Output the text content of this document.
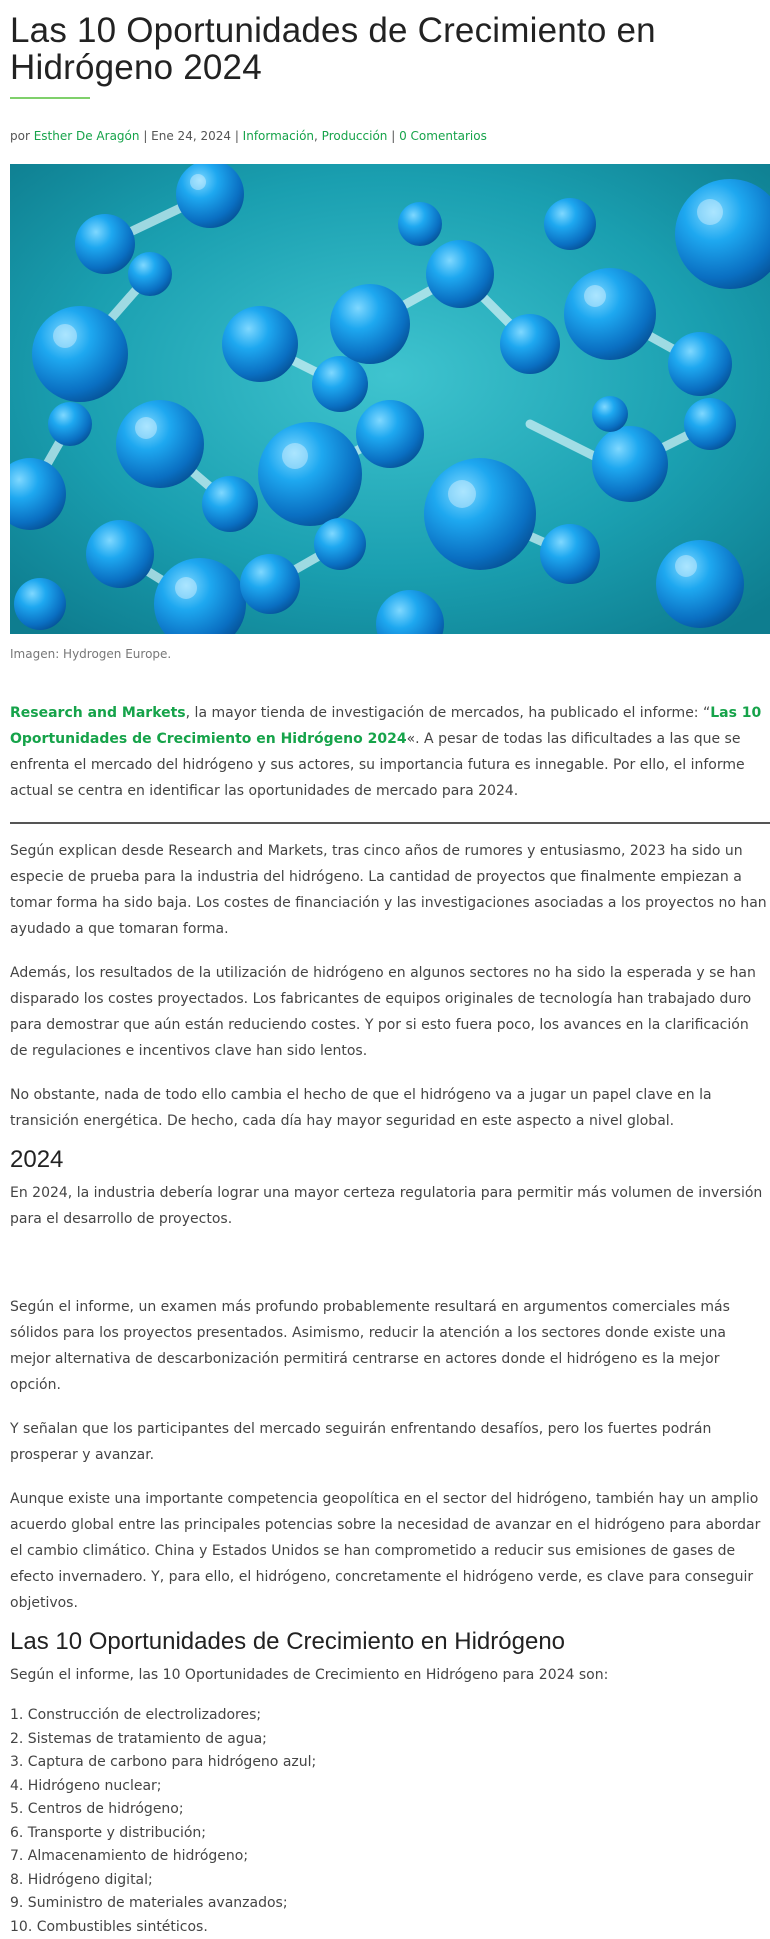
Las 10 Oportunidades de Crecimiento en Hidrógeno 2024
por Esther De Aragón | Ene 24, 2024 | Información, Producción | 0 Comentarios
Imagen: Hydrogen Europe.

Research and Markets, la mayor tienda de investigación de mercados, ha publicado el informe: “Las 10 Oportunidades de Crecimiento en Hidrógeno 2024«. A pesar de todas las dificultades a las que se enfrenta el mercado del hidrógeno y sus actores, su importancia futura es innegable. Por ello, el informe actual se centra en identificar las oportunidades de mercado para 2024.

Según explican desde Research and Markets, tras cinco años de rumores y entusiasmo, 2023 ha sido un especie de prueba para la industria del hidrógeno. La cantidad de proyectos que finalmente empiezan a tomar forma ha sido baja. Los costes de financiación y las investigaciones asociadas a los proyectos no han ayudado a que tomaran forma.

Además, los resultados de la utilización de hidrógeno en algunos sectores no ha sido la esperada y se han disparado los costes proyectados. Los fabricantes de equipos originales de tecnología han trabajado duro para demostrar que aún están reduciendo costes. Y por si esto fuera poco, los avances en la clarificación de regulaciones e incentivos clave han sido lentos.

No obstante, nada de todo ello cambia el hecho de que el hidrógeno va a jugar un papel clave en la transición energética. De hecho, cada día hay mayor seguridad en este aspecto a nivel global.

2024

En 2024, la industria debería lograr una mayor certeza regulatoria para permitir más volumen de inversión para el desarrollo de proyectos.

Según el informe, un examen más profundo probablemente resultará en argumentos comerciales más sólidos para los proyectos presentados. Asimismo, reducir la atención a los sectores donde existe una mejor alternativa de descarbonización permitirá centrarse en actores donde el hidrógeno es la mejor opción.

Y señalan que los participantes del mercado seguirán enfrentando desafíos, pero los fuertes podrán prosperar y avanzar.

Aunque existe una importante competencia geopolítica en el sector del hidrógeno, también hay un amplio acuerdo global entre las principales potencias sobre la necesidad de avanzar en el hidrógeno para abordar el cambio climático. China y Estados Unidos se han comprometido a reducir sus emisiones de gases de efecto invernadero. Y, para ello, el hidrógeno, concretamente el hidrógeno verde, es clave para conseguir objetivos.

Las 10 Oportunidades de Crecimiento en Hidrógeno

Según el informe, las 10 Oportunidades de Crecimiento en Hidrógeno para 2024 son:

1. Construcción de electrolizadores;
2. Sistemas de tratamiento de agua;
3. Captura de carbono para hidrógeno azul;
4. Hidrógeno nuclear;
5. Centros de hidrógeno;
6. Transporte y distribución;
7. Almacenamiento de hidrógeno;
8. Hidrógeno digital;
9. Suministro de materiales avanzados;
10. Combustibles sintéticos.
